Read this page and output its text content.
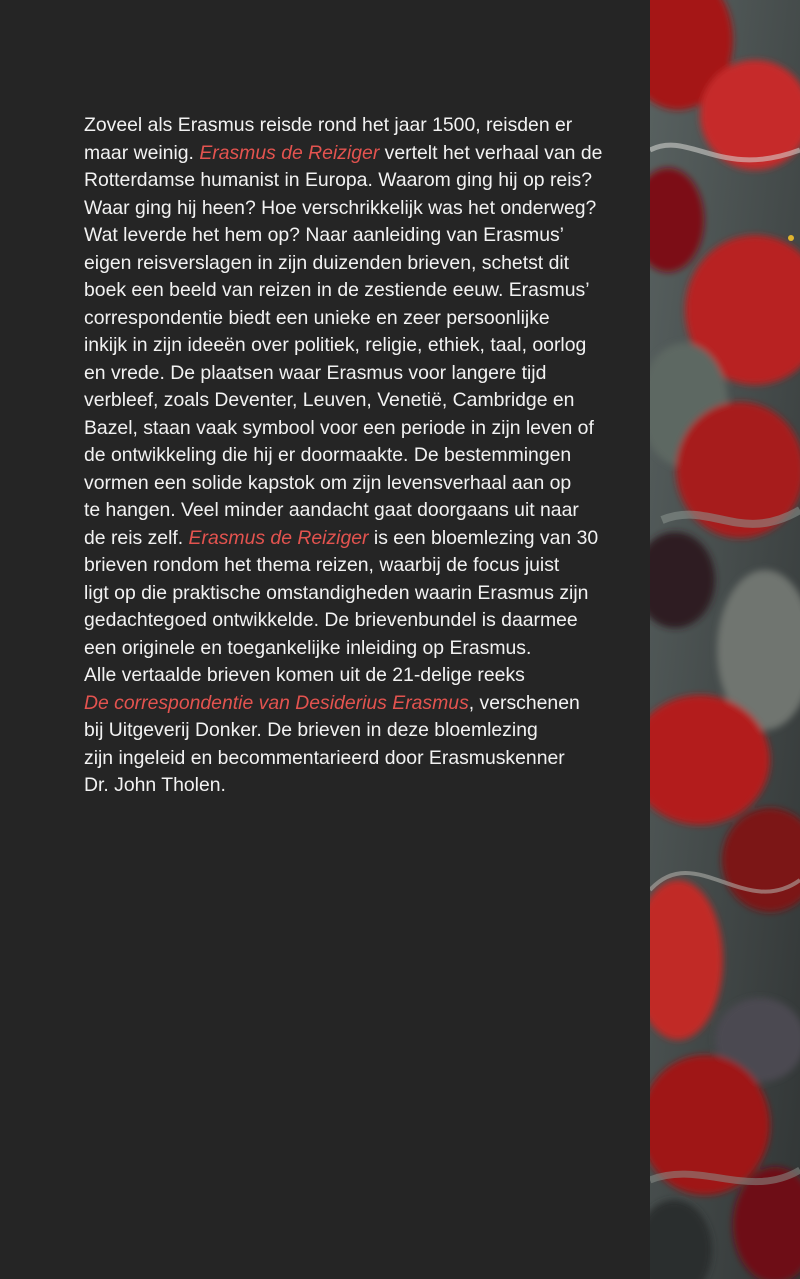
Zoveel als Erasmus reisde rond het jaar 1500, reisden er
maar weinig. Erasmus de Reiziger vertelt het verhaal van de
Rotterdamse humanist in Europa. Waarom ging hij op reis?
Waar ging hij heen? Hoe verschrikkelijk was het onderweg?
Wat leverde het hem op? Naar aanleiding van Erasmus’
eigen reisverslagen in zijn duizenden brieven, schetst dit
boek een beeld van reizen in de zestiende eeuw. Erasmus’
correspondentie biedt een unieke en zeer persoonlijke
inkijk in zijn ideeën over politiek, religie, ethiek, taal, oorlog
en vrede. De plaatsen waar Erasmus voor langere tijd
verbleef, zoals Deventer, Leuven, Venetië, Cambridge en
Bazel, staan vaak symbool voor een periode in zijn leven of
de ontwikkeling die hij er doormaakte. De bestemmingen
vormen een solide kapstok om zijn levensverhaal aan op
te hangen. Veel minder aandacht gaat doorgaans uit naar
de reis zelf. Erasmus de Reiziger is een bloemlezing van 30
brieven rondom het thema reizen, waarbij de focus juist
ligt op die praktische omstandigheden waarin Erasmus zijn
gedachtegoed ontwikkelde. De brievenbundel is daarmee
een originele en toegankelijke inleiding op Erasmus.
Alle vertaalde brieven komen uit de 21-delige reeks
De correspondentie van Desiderius Erasmus, verschenen
bij Uitgeverij Donker. De brieven in deze bloemlezing
zijn ingeleid en becommentarieerd door Erasmuskenner
Dr. John Tholen.
